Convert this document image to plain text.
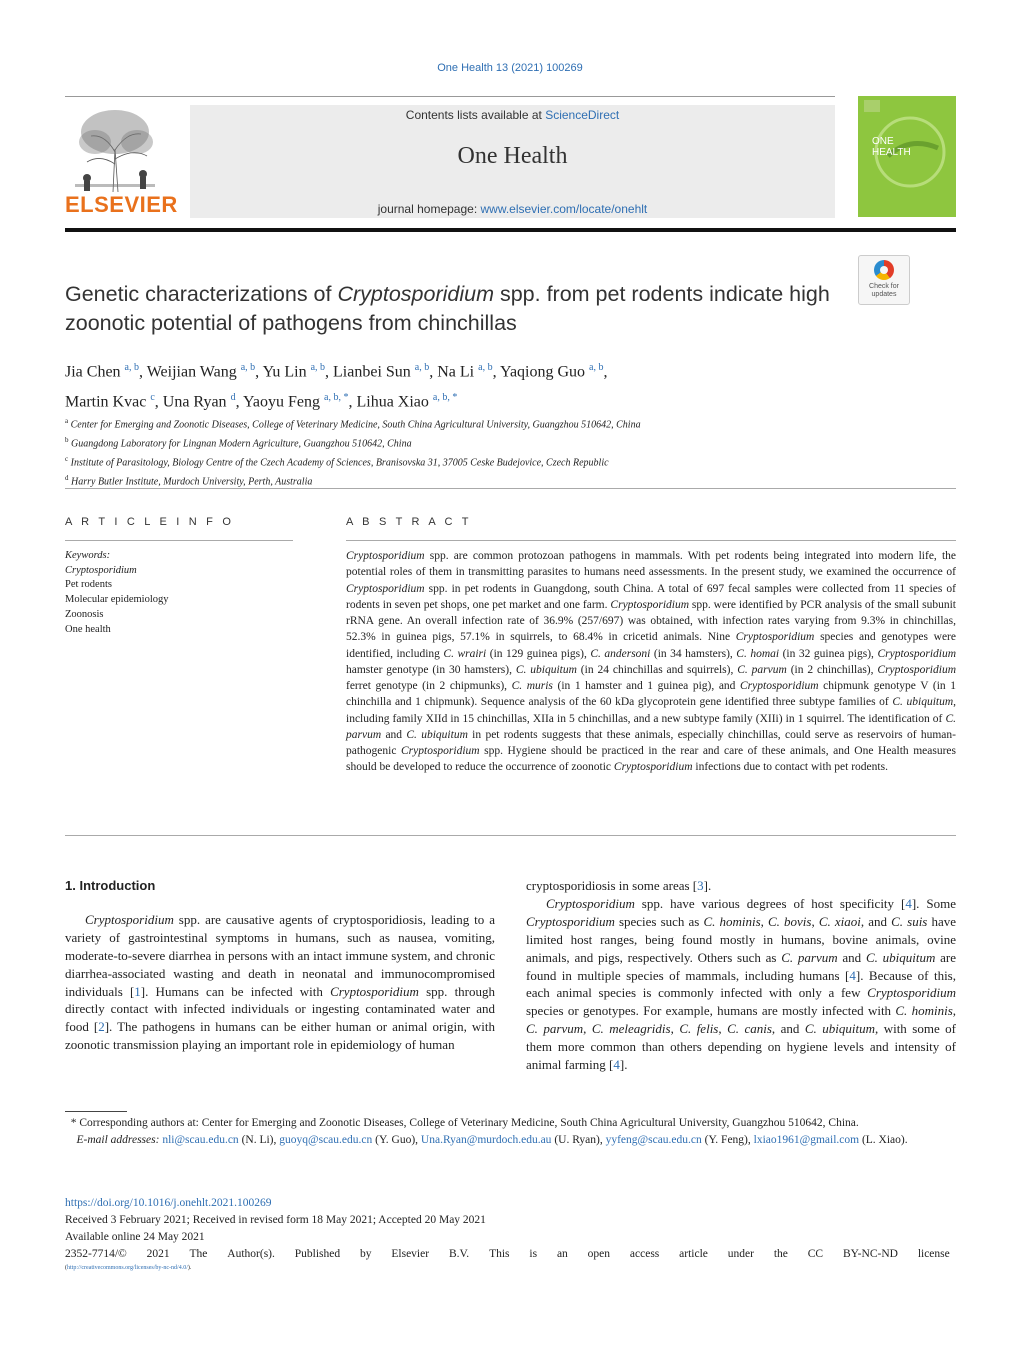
One Health 13 (2021) 100269
ELSEVIER
Contents lists available at ScienceDirect
One Health
journal homepage: www.elsevier.com/locate/onehlt
ONE
HEALTH
Genetic characterizations of Cryptosporidium spp. from pet rodents indicate high zoonotic potential of pathogens from chinchillas
Check for
updates
Jia Chen $^{a, b}$, Weijian Wang $^{a, b}$, Yu Lin $^{a, b}$, Lianbei Sun $^{a, b}$, Na Li $^{a, b}$, Yaqiong Guo $^{a, b}$,
Martin Kvac $^c$, Una Ryan $^d$, Yaoyu Feng $^{a, b, *}$, Lihua Xiao $^{a, b, *}$
$^a$ Center for Emerging and Zoonotic Diseases, College of Veterinary Medicine, South China Agricultural University, Guangzhou 510642, China
$^b$ Guangdong Laboratory for Lingnan Modern Agriculture, Guangzhou 510642, China
$^c$ Institute of Parasitology, Biology Centre of the Czech Academy of Sciences, Branisovska 31, 37005 Ceske Budejovice, Czech Republic
$^d$ Harry Butler Institute, Murdoch University, Perth, Australia
A R T I C L E I N F O	A B S T R A C T
Keywords:
Cryptosporidium
Pet rodents
Molecular epidemiology
Zoonosis
One health
Cryptosporidium spp. are common protozoan pathogens in mammals. With pet rodents being integrated into modern life, the potential roles of them in transmitting parasites to humans need assessments. In the present study, we examined the occurrence of Cryptosporidium spp. in pet rodents in Guangdong, south China. A total of 697 fecal samples were collected from 11 species of rodents in seven pet shops, one pet market and one farm. Cryptosporidium spp. were identified by PCR analysis of the small subunit rRNA gene. An overall infection rate of 36.9% (257/697) was obtained, with infection rates varying from 9.3% in chinchillas, 52.3% in guinea pigs, 57.1% in squirrels, to 68.4% in cricetid animals. Nine Cryptosporidium species and genotypes were identified, including C. wrairi (in 129 guinea pigs), C. andersoni (in 34 hamsters), C. homai (in 32 guinea pigs), Cryptosporidium hamster genotype (in 30 hamsters), C. ubiquitum (in 24 chinchillas and squirrels), C. parvum (in 2 chinchillas), Cryptosporidium ferret genotype (in 2 chipmunks), C. muris (in 1 hamster and 1 guinea pig), and Cryptosporidium chipmunk genotype V (in 1 chinchilla and 1 chipmunk). Sequence analysis of the 60 kDa glycoprotein gene identified three subtype families of C. ubiquitum, including family XIId in 15 chinchillas, XIIa in 5 chinchillas, and a new subtype family (XIIi) in 1 squirrel. The identification of C. parvum and C. ubiquitum in pet rodents suggests that these animals, especially chinchillas, could serve as reservoirs of human-pathogenic Cryptosporidium spp. Hygiene should be practiced in the rear and care of these animals, and One Health measures should be developed to reduce the occurrence of zoonotic Cryptosporidium infections due to contact with pet rodents.

1. Introduction

Cryptosporidium spp. are causative agents of cryptosporidiosis, leading to a variety of gastrointestinal symptoms in humans, such as nausea, vomiting, moderate-to-severe diarrhea in persons with an intact immune system, and chronic diarrhea-associated wasting and death in neonatal and immunocompromised individuals [1]. Humans can be infected with Cryptosporidium spp. through directly contact with infected individuals or ingesting contaminated water and food [2]. The pathogens in humans can be either human or animal origin, with zoonotic transmission playing an important role in epidemiology of human

cryptosporidiosis in some areas [3].

Cryptosporidium spp. have various degrees of host specificity [4]. Some Cryptosporidium species such as C. hominis, C. bovis, C. xiaoi, and C. suis have limited host ranges, being found mostly in humans, bovine animals, ovine animals, and pigs, respectively. Others such as C. parvum and C. ubiquitum are found in multiple species of mammals, including humans [4]. Because of this, each animal species is commonly infected with only a few Cryptosporidium species or genotypes. For example, humans are mostly infected with C. hominis, C. parvum, C. meleagridis, C. felis, C. canis, and C. ubiquitum, with some of them more common than others depending on hygiene levels and intensity of animal farming [4].

* Corresponding authors at: Center for Emerging and Zoonotic Diseases, College of Veterinary Medicine, South China Agricultural University, Guangzhou 510642, China.

E-mail addresses: nli@scau.edu.cn (N. Li), guoyq@scau.edu.cn (Y. Guo), Una.Ryan@murdoch.edu.au (U. Ryan), yyfeng@scau.edu.cn (Y. Feng), lxiao1961@gmail.com (L. Xiao).

https://doi.org/10.1016/j.onehlt.2021.100269

Received 3 February 2021; Received in revised form 18 May 2021; Accepted 20 May 2021

Available online 24 May 2021

2352-7714/© 2021 The Author(s). Published by Elsevier B.V. This is an open access article under the CC BY-NC-ND license

(http://creativecommons.org/licenses/by-nc-nd/4.0/).
